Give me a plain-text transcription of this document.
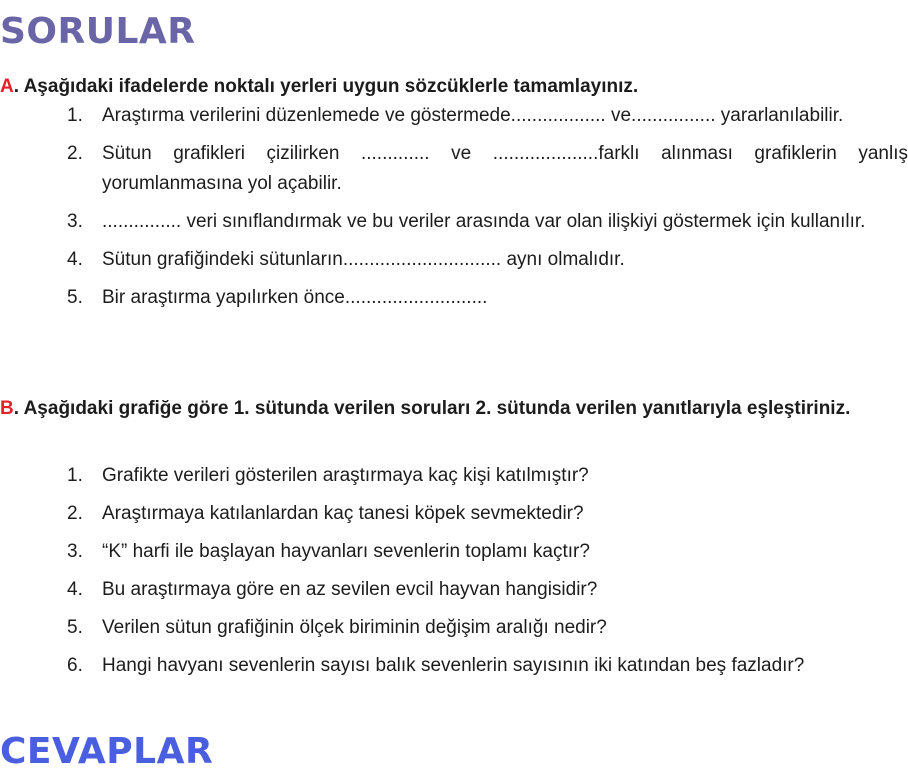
SORULAR
A. Aşağıdaki ifadelerde noktalı yerleri uygun sözcüklerle tamamlayınız.
1. Araştırma verilerini düzenlemede ve göstermede.................. ve................ yararlanılabilir.
2. Sütun grafikleri çizilirken ............. ve ....................farklı alınması grafiklerin yanlış yorumlanmasına yol açabilir.
3. ............... veri sınıflandırmak ve bu veriler arasında var olan ilişkiyi göstermek için kullanılır.
4. Sütun grafiğindeki sütunların.............................. aynı olmalıdır.
5. Bir araştırma yapılırken önce...........................
B. Aşağıdaki grafiğe göre 1. sütunda verilen soruları 2. sütunda verilen yanıtlarıyla eşleştiriniz.
1. Grafikte verileri gösterilen araştırmaya kaç kişi katılmıştır?
2. Araştırmaya katılanlardan kaç tanesi köpek sevmektedir?
3. “K” harfi ile başlayan hayvanları sevenlerin toplamı kaçtır?
4. Bu araştırmaya göre en az sevilen evcil hayvan hangisidir?
5. Verilen sütun grafiğinin ölçek biriminin değişim aralığı nedir?
6. Hangi havyanı sevenlerin sayısı balık sevenlerin sayısının iki katından beş fazladır?
CEVAPLAR
